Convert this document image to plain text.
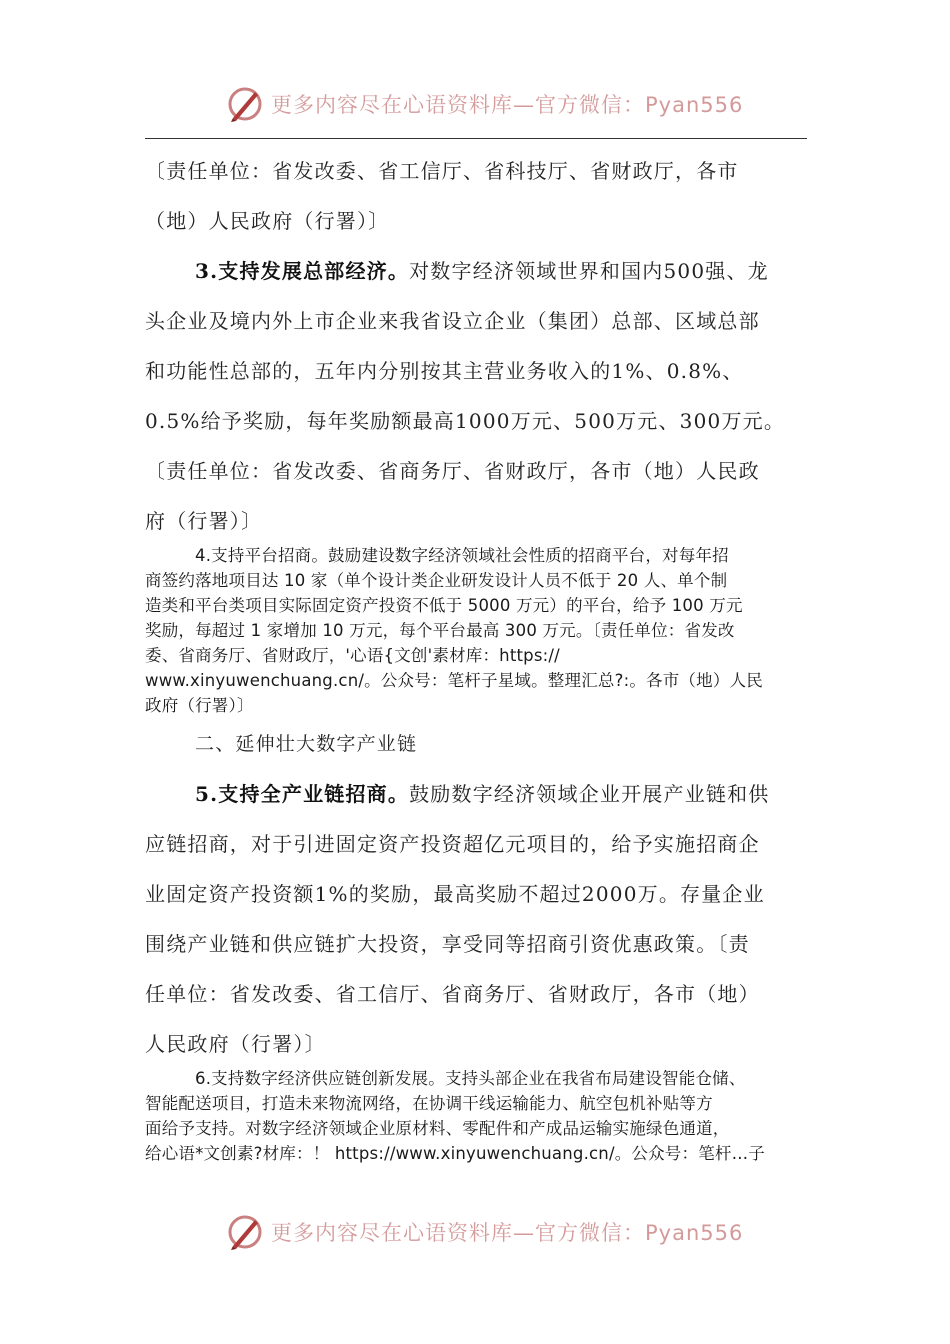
更多内容尽在心语资料库—官方微信：Pyan556
〔责任单位：省发改委、省工信厅、省科技厅、省财政厅，各市
（地）人民政府（行署）〕
3.支持发展总部经济。对数字经济领域世界和国内500强、龙
头企业及境内外上市企业来我省设立企业（集团）总部、区域总部
和功能性总部的，五年内分别按其主营业务收入的1%、0.8%、
0.5%给予奖励，每年奖励额最高1000万元、500万元、300万元。
〔责任单位：省发改委、省商务厅、省财政厅，各市（地）人民政
府（行署）〕
4.支持平台招商。鼓励建设数字经济领域社会性质的招商平台，对每年招
商签约落地项目达 10 家（单个设计类企业研发设计人员不低于 20 人、单个制
造类和平台类项目实际固定资产投资不低于 5000 万元）的平台，给予 100 万元
奖励，每超过 1 家增加 10 万元，每个平台最高 300 万元。〔责任单位：省发改
委、省商务厅、省财政厅，'心语{文创'素材库：https://
www.xinyuwenchuang.cn/。公众号：笔杆子星域。整理汇总?:。各市（地）人民
政府（行署）〕
二、延伸壮大数字产业链
5.支持全产业链招商。鼓励数字经济领域企业开展产业链和供
应链招商，对于引进固定资产投资超亿元项目的，给予实施招商企
业固定资产投资额1%的奖励，最高奖励不超过2000万。存量企业
围绕产业链和供应链扩大投资，享受同等招商引资优惠政策。〔责
任单位：省发改委、省工信厅、省商务厅、省财政厅，各市（地）
人民政府（行署）〕
6.支持数字经济供应链创新发展。支持头部企业在我省布局建设智能仓储、
智能配送项目，打造未来物流网络，在协调干线运输能力、航空包机补贴等方
面给予支持。对数字经济领域企业原材料、零配件和产成品运输实施绿色通道，
给心语*文创素?材库：！ https://www.xinyuwenchuang.cn/。公众号：笔杆…子
更多内容尽在心语资料库—官方微信：Pyan556
